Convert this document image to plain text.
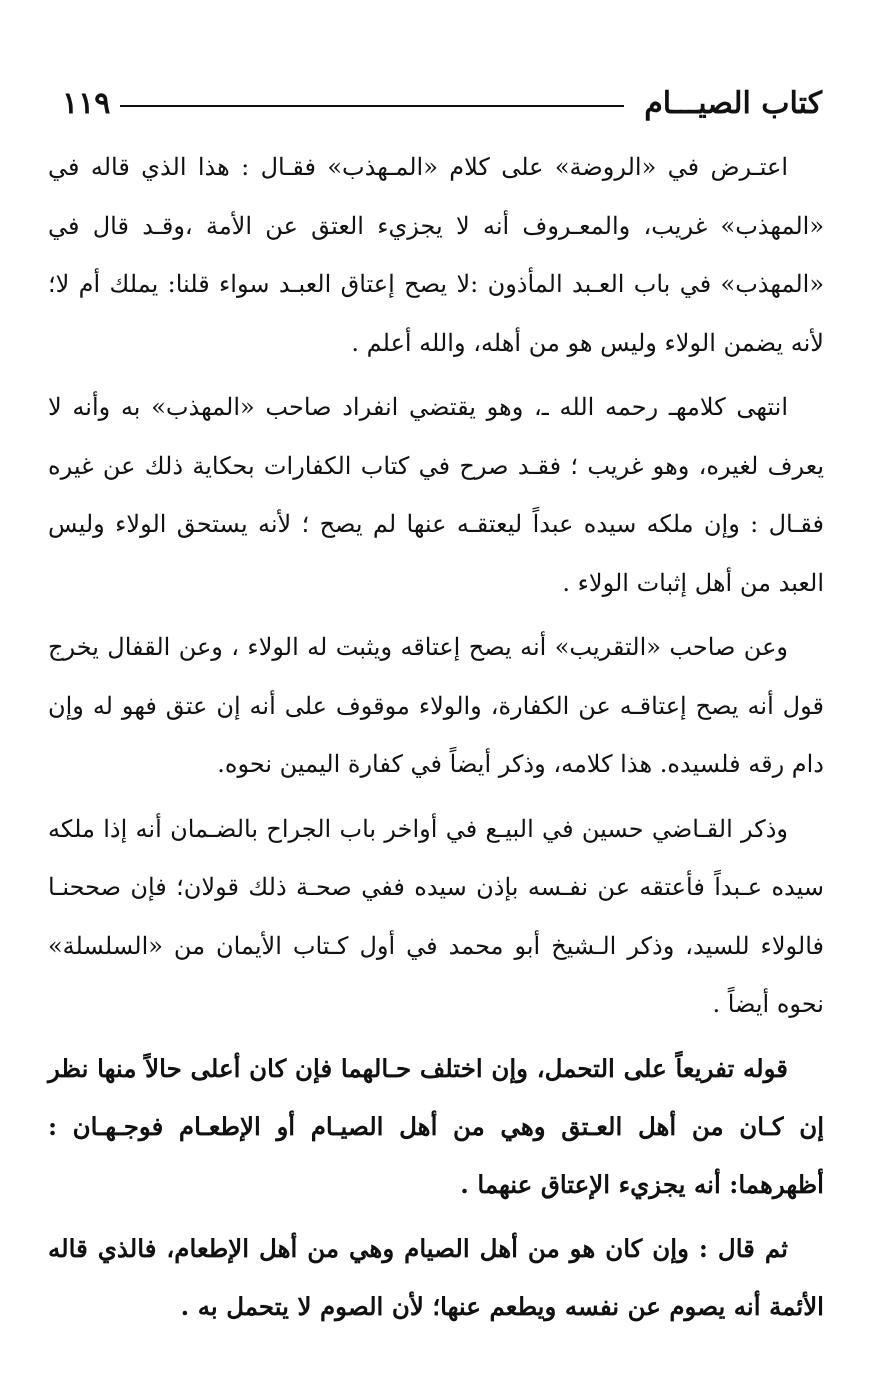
كتاب الصيـــام
١١٩

اعتـرض في «الروضة» على كلام «المـهذب» فقـال : هذا الذي قاله في «المهذب» غريب، والمعـروف أنه لا يجزيء العتق عن الأمة ،وقـد قال في «المهذب» في باب العـبد المأذون :لا يصح إعتاق العبـد سواء قلنا: يملك أم لا؛ لأنه يضمن الولاء وليس هو من أهله، والله أعلم .

انتهى كلامهـ رحمه الله ـ، وهو يقتضي انفراد صاحب «المهذب» به وأنه لا يعرف لغيره، وهو غريب ؛ فقـد صرح في كتاب الكفارات بحكاية ذلك عن غيره فقـال : وإن ملكه سيده عبداً ليعتقـه عنها لم يصح ؛ لأنه يستحق الولاء وليس العبد من أهل إثبات الولاء .

وعن صاحب «التقريب» أنه يصح إعتاقه ويثبت له الولاء ، وعن القفال يخرج قول أنه يصح إعتاقـه عن الكفارة، والولاء موقوف على أنه إن عتق فهو له وإن دام رقه فلسيده. هذا كلامه، وذكر أيضاً في كفارة اليمين نحوه.

وذكر القـاضي حسين في البيـع في أواخر باب الجراح بالضـمان أنه إذا ملكه سيده عـبداً فأعتقه عن نفـسه بإذن سيده ففي صحـة ذلك قولان؛ فإن صححنـا فالولاء للسيد، وذكر الـشيخ أبو محمد في أول كـتاب الأيمان من «السلسلة» نحوه أيضاً .

قوله تفريعاً على التحمل، وإن اختلف حـالهما فإن كان أعلى حالاً منها نظر إن كـان من أهل العـتق وهي من أهل الصيـام أو الإطعـام فوجـهـان : أظهرهما: أنه يجزيء الإعتاق عنهما .

ثم قال : وإن كان هو من أهل الصيام وهي من أهل الإطعام، فالذي قاله الأئمة أنه يصوم عن نفسه ويطعم عنها؛ لأن الصوم لا يتحمل به .
